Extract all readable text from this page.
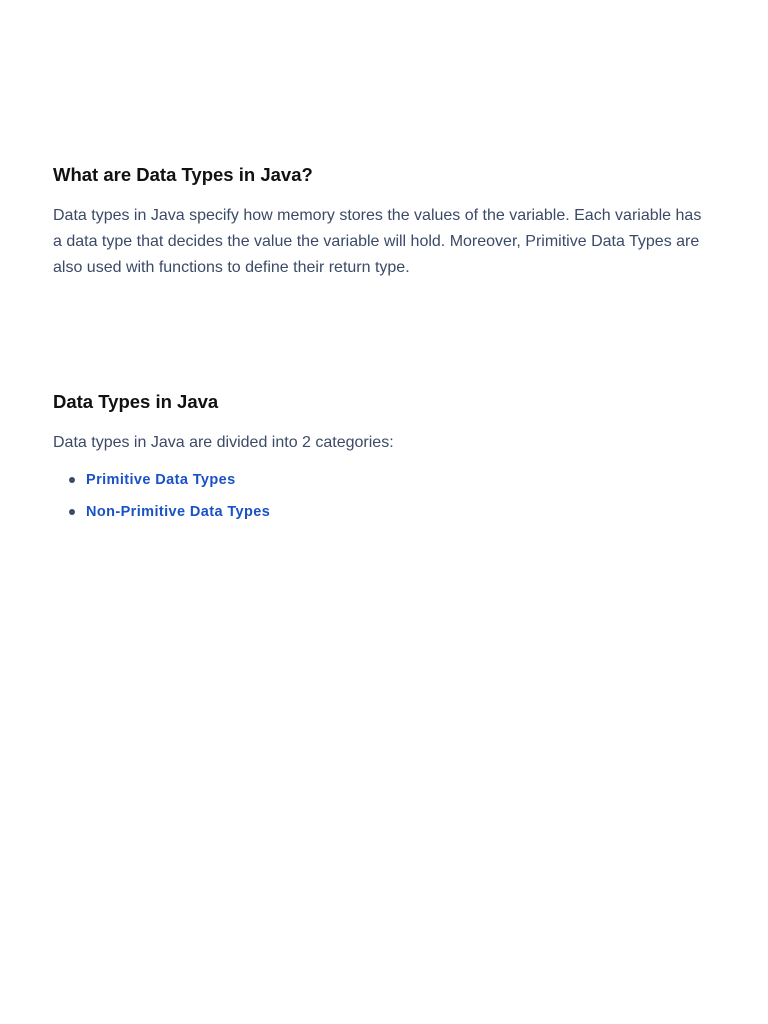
What are Data Types in Java?

Data types in Java specify how memory stores the values of the variable. Each variable has a data type that decides the value the variable will hold. Moreover, Primitive Data Types are also used with functions to define their return type.

Data Types in Java

Data types in Java are divided into 2 categories:

Primitive Data Types
Non-Primitive Data Types
